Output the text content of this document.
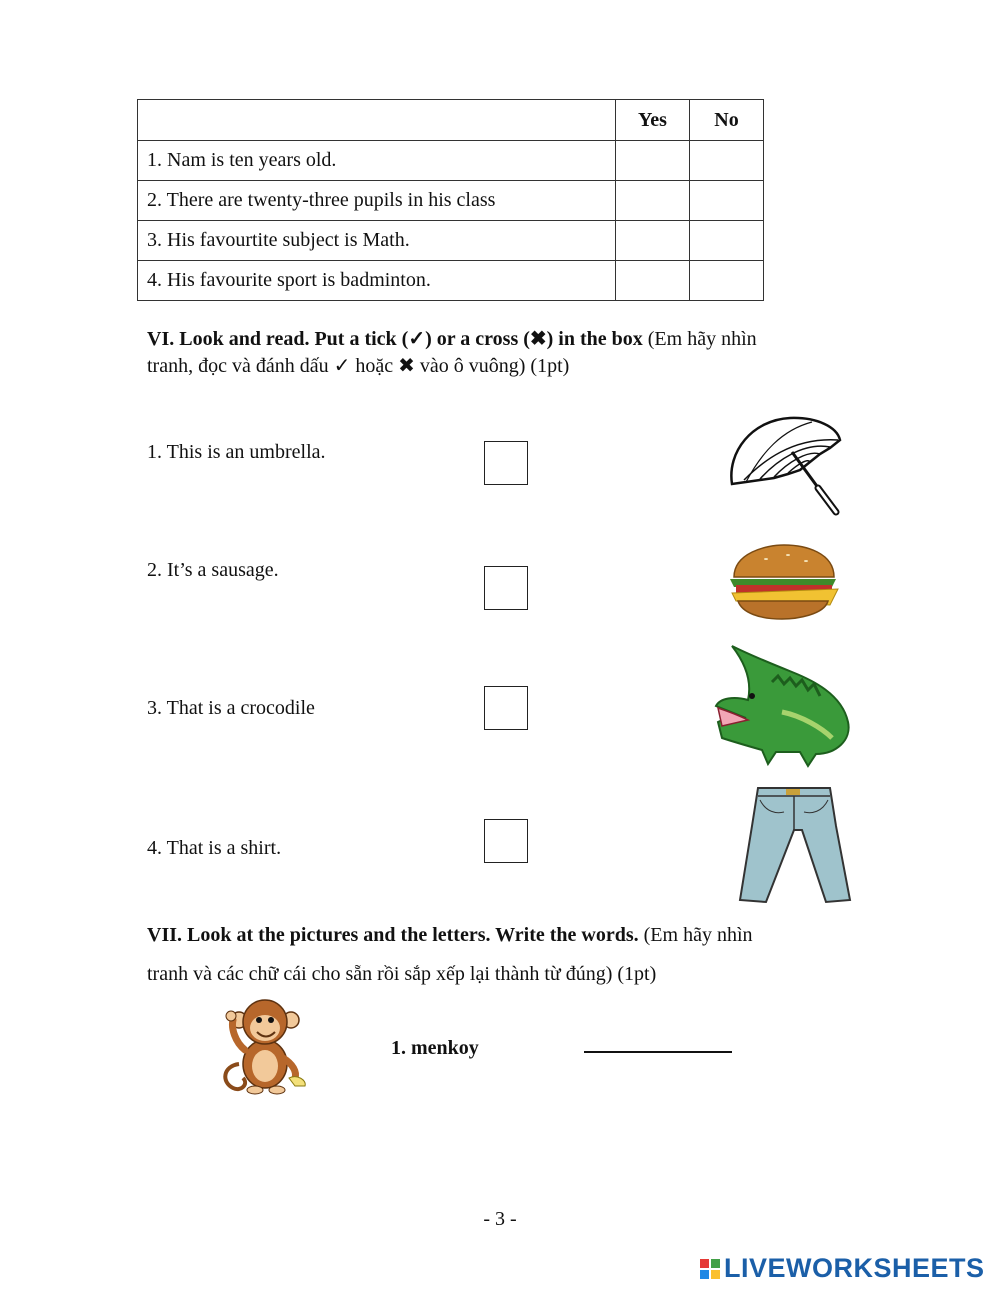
	Yes	No
1. Nam is ten years old.		
2. There are twenty-three pupils in his class		
3. His favourtite subject is Math.		
4. His favourite sport is badminton.		
VI. Look and read. Put a tick (✓) or a cross (✖) in the box (Em hãy nhìn
tranh, đọc và đánh dấu ✓ hoặc ✖ vào ô vuông) (1pt)
1. This is an umbrella.
2. It’s a sausage.
3. That is a crocodile
4. That is a shirt.
VII. Look at the pictures and the letters. Write the words. (Em hãy nhìn
tranh và các chữ cái cho sẵn rồi sắp xếp lại thành từ đúng) (1pt)
1. menkoy
- 3 -
LIVEWORKSHEETS
